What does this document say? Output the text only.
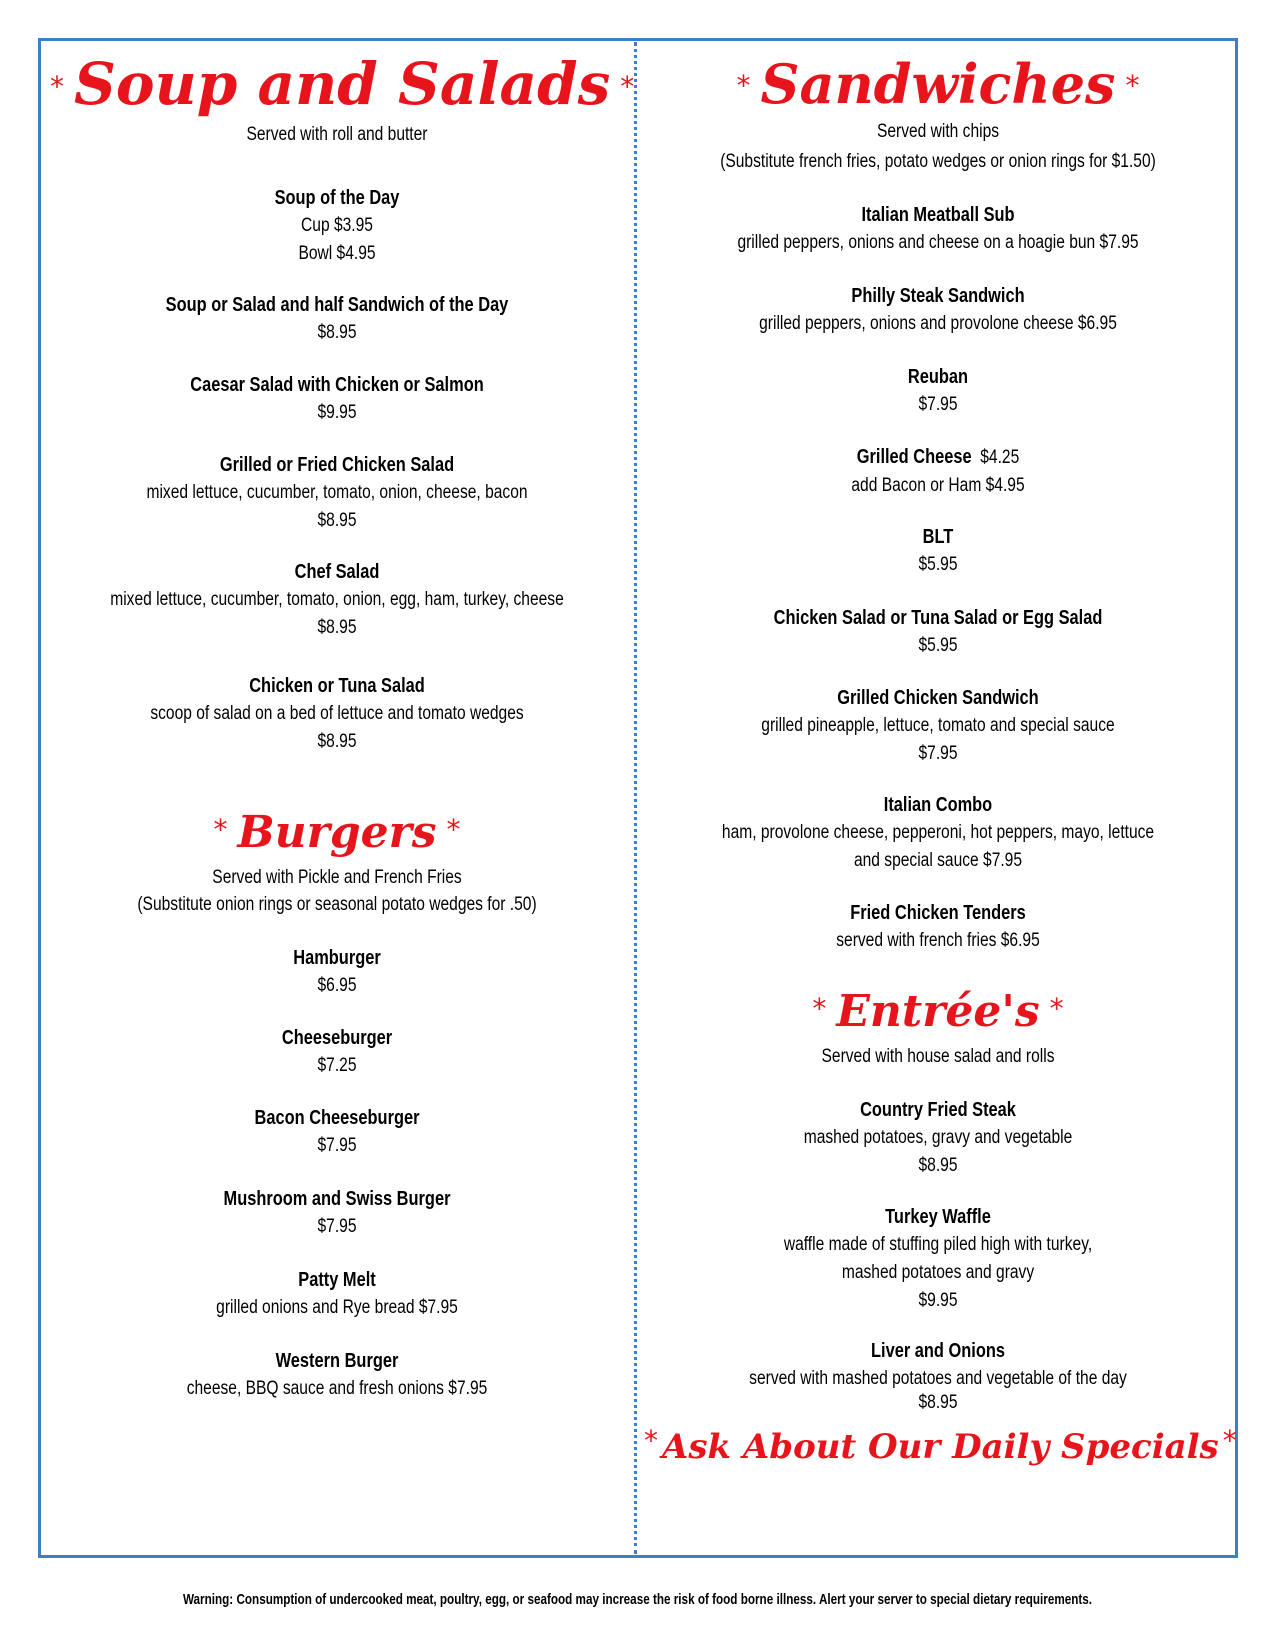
* Soup and Salads *
Served with roll and butter
Soup of the Day
Cup $3.95
Bowl $4.95
Soup or Salad and half Sandwich of the Day
$8.95
Caesar Salad with Chicken or Salmon
$9.95
Grilled or Fried Chicken Salad
mixed lettuce, cucumber, tomato, onion, cheese, bacon
$8.95
Chef Salad
mixed lettuce, cucumber, tomato, onion, egg, ham, turkey, cheese
$8.95
Chicken or Tuna Salad
scoop of salad on a bed of lettuce and tomato wedges
$8.95
* Burgers *
Served with Pickle and French Fries
(Substitute onion rings or seasonal potato wedges for .50)
Hamburger
$6.95
Cheeseburger
$7.25
Bacon Cheeseburger
$7.95
Mushroom and Swiss Burger
$7.95
Patty Melt
grilled onions and Rye bread $7.95
Western Burger
cheese, BBQ sauce and fresh onions $7.95
* Sandwiches *
Served with chips
(Substitute french fries, potato wedges or onion rings for $1.50)
Italian Meatball Sub
grilled peppers, onions and cheese on a hoagie bun $7.95
Philly Steak Sandwich
grilled peppers, onions and provolone cheese $6.95
Reuban
$7.95
Grilled Cheese $4.25
add Bacon or Ham $4.95
BLT
$5.95
Chicken Salad or Tuna Salad or Egg Salad
$5.95
Grilled Chicken Sandwich
grilled pineapple, lettuce, tomato and special sauce
$7.95
Italian Combo
ham, provolone cheese, pepperoni, hot peppers, mayo, lettuce
and special sauce $7.95
Fried Chicken Tenders
served with french fries $6.95
* Entrée's *
Served with house salad and rolls
Country Fried Steak
mashed potatoes, gravy and vegetable
$8.95
Turkey Waffle
waffle made of stuffing piled high with turkey,
mashed potatoes and gravy
$9.95
Liver and Onions
served with mashed potatoes and vegetable of the day
$8.95
* Ask About Our Daily Specials *
Warning: Consumption of undercooked meat, poultry, egg, or seafood may increase the risk of food borne illness. Alert your server to special dietary requirements.
